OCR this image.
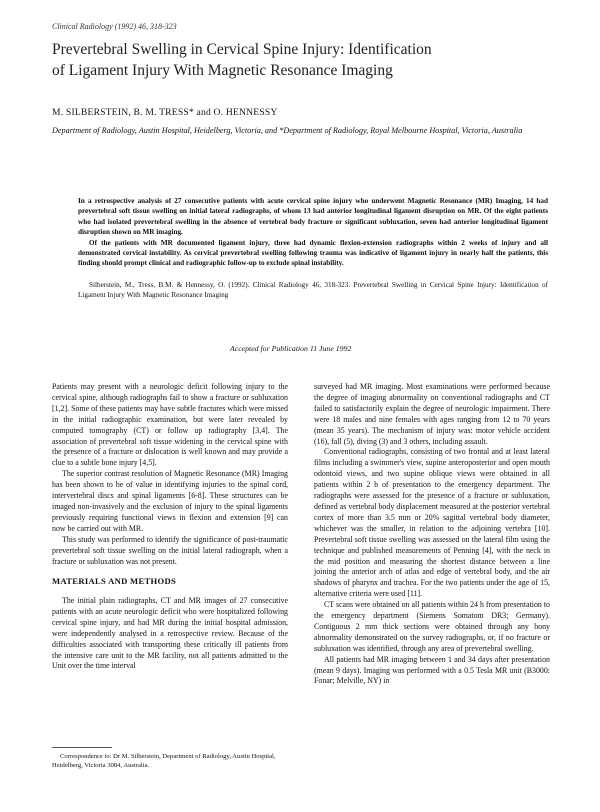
Clinical Radiology (1992) 46, 318-323
Prevertebral Swelling in Cervical Spine Injury: Identification of Ligament Injury With Magnetic Resonance Imaging
M. SILBERSTEIN, B. M. TRESS* and O. HENNESSY
Department of Radiology, Austin Hospital, Heidelberg, Victoria, and *Department of Radiology, Royal Melbourne Hospital, Victoria, Australia

In a retrospective analysis of 27 consecutive patients with acute cervical spine injury who underwent Magnetic Resonance (MR) Imaging, 14 had prevertebral soft tissue swelling on initial lateral radiographs, of whom 13 had anterior longitudinal ligament disruption on MR. Of the eight patients who had isolated prevertebral swelling in the absence of vertebral body fracture or significant subluxation, seven had anterior longitudinal ligament disruption shown on MR imaging.

Of the patients with MR documented ligament injury, three had dynamic flexion-extension radiographs within 2 weeks of injury and all demonstrated cervical instability. As cervical prevertebral swelling following trauma was indicative of ligament injury in nearly half the patients, this finding should prompt clinical and radiographic follow-up to exclude spinal instability.

Silberstein, M., Tress, B.M. & Hennessy, O. (1992). Clinical Radiology 46, 318-323. Prevertebral Swelling in Cervical Spine Injury: Identification of Ligament Injury With Magnetic Resonance Imaging

Accepted for Publication 11 June 1992

Patients may present with a neurologic deficit following injury to the cervical spine, although radiographs fail to show a fracture or subluxation [1,2]. Some of these patients may have subtle fractures which were missed in the initial radiographic examination, but were later revealed by computed tomography (CT) or follow up radiography [3,4]. The association of prevertebral soft tissue widening in the cervical spine with the presence of a fracture or dislocation is well known and may provide a clue to a subtle bone injury [4,5].

The superior contrast resolution of Magnetic Resonance (MR) Imaging has been shown to be of value in identifying injuries to the spinal cord, intervertebral discs and spinal ligaments [6-8]. These structures can be imaged non-invasively and the exclusion of injury to the spinal ligaments previously requiring functional views in flexion and extension [9] can now be carried out with MR.

This study was performed to identify the significance of post-traumatic prevertebral soft tissue swelling on the initial lateral radiograph, when a fracture or subluxation was not present.

MATERIALS AND METHODS

The initial plain radiographs, CT and MR images of 27 consecutive patients with an acute neurologic deficit who were hospitalized following cervical spine injury, and had MR during the initial hospital admission, were independently analysed in a retrospective review. Because of the difficulties associated with transporting these critically ill patients from the intensive care unit to the MR facility, not all patients admitted to the Unit over the time interval

surveyed had MR imaging. Most examinations were performed because the degree of imaging abnormality on conventional radiographs and CT failed to satisfactorily explain the degree of neurologic impairment. There were 18 males and nine females with ages ranging from 12 to 70 years (mean 35 years). The mechanism of injury was: motor vehicle accident (16), fall (5), diving (3) and 3 others, including assault.

Conventional radiographs, consisting of two frontal and at least lateral films including a swimmer's view, supine anteroposterior and open mouth odontoid views, and two supine oblique views were obtained in all patients within 2 h of presentation to the emergency department. The radiographs were assessed for the presence of a fracture or subluxation, defined as vertebral body displacement measured at the posterior vertebral cortex of more than 3.5 mm or 20% sagittal vertebral body diameter, whichever was the smaller, in relation to the adjoining vertebra [10]. Prevertebral soft tissue swelling was assessed on the lateral film using the technique and published measurements of Penning [4], with the neck in the mid position and measuring the shortest distance between a line joining the anterior arch of atlas and edge of vertebral body, and the air shadows of pharynx and trachea. For the two patients under the age of 15, alternative criteria were used [11].

CT scans were obtained on all patients within 24 h from presentation to the emergency department (Siemens Somatom DR3; Germany). Contiguous 2 mm thick sections were obtained through any bony abnormality demonstrated on the survey radiographs, or, if no fracture or subluxation was identified, through any area of prevertebral swelling.

All patients had MR imaging between 1 and 34 days after presentation (mean 9 days). Imaging was performed with a 0.5 Tesla MR unit (B3000: Fonar; Melville, NY) in

Correspondence to: Dr M. Silberstein, Department of Radiology, Austin Hospital, Heidelberg, Victoria 3084, Australia.
